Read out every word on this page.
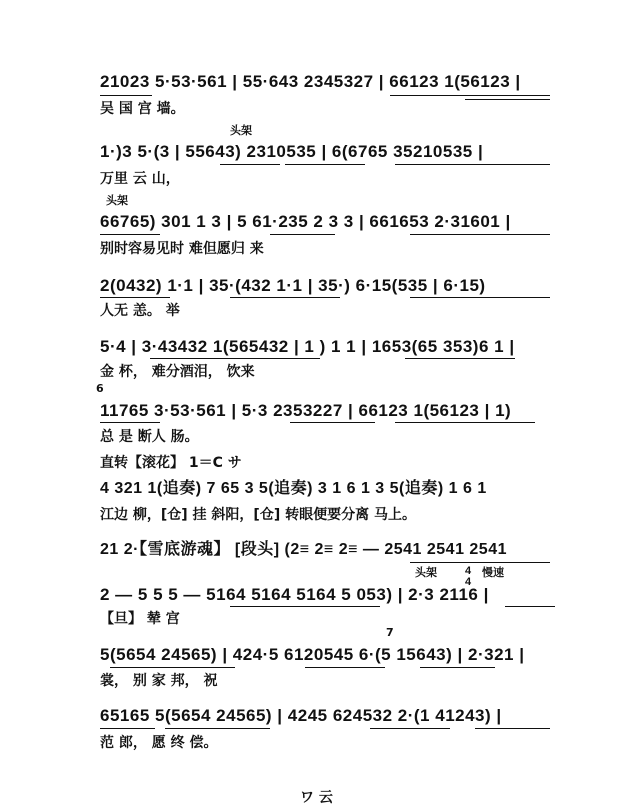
21023 5·53·561 | 55·643 2345327 | 66123 1(56123 |
吴 国 宫 墙。
头架
1·)3 5·(3 | 55643) 2310535 | 6(6765 35210535 |
万里 云 山，
头架
66765) 301 1 3 | 5 61·235 2 3 3 | 661653 2·31601 |
别时容易见时 难但愿归 来
2(0432) 1·1 | 35·(432 1·1 | 35·) 6·15(535 | 6·15)
人无 恙。 举
5·4 | 3·43432 1(565432 | 1 ) 1 1 | 1653(65 353)6 1 |
金 杯， 难分酒泪， 饮来
6
11765 3·53·561 | 5·3 2353227 | 66123 1(56123 | 1)
总 是 断人 肠。
直转【滚花】 1＝C サ
4 321 1(追奏) 7 65 3 5(追奏) 3 1 6 1 3 5(追奏) 1 6 1
江边 柳，[仓] 挂 斜阳，[仓] 转眼便要分离 马上。
21 2·【雪底游魂】 [段头] (2≡ 2≡ 2≡ — 2541 2541 2541
头架	4
4
慢速
2 — 5 5 5 — 5164 5164 5164 5 053) | 2·3 2116 |
【旦】 辇 宫
7
5(5654 24565) | 424·5 6120545 6·(5 15643) | 2·321 |
裳， 别 家 邦， 祝
65165 5(5654 24565) | 4245 624532 2·(1 41243) |
范 郎， 愿 终 偿。
ワ 云
